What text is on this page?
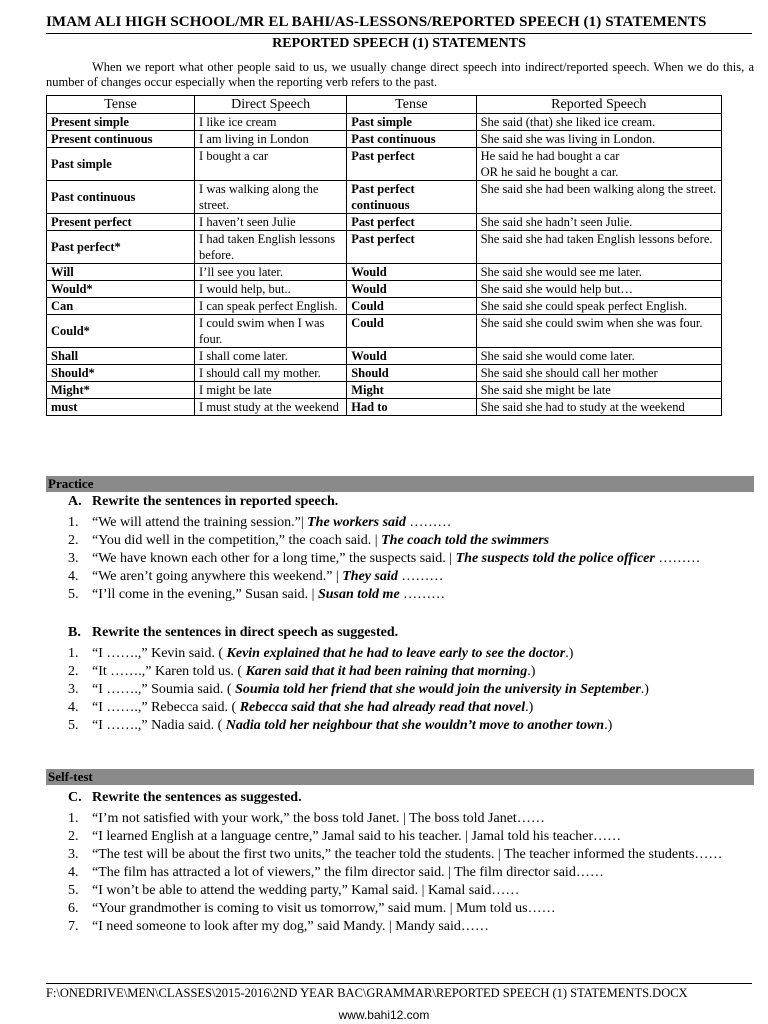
IMAM ALI HIGH SCHOOL/MR EL BAHI/AS-LESSONS/REPORTED SPEECH (1) STATEMENTS
REPORTED SPEECH (1) STATEMENTS
When we report what other people said to us, we usually change direct speech into indirect/reported speech. When we do this, a number of changes occur especially when the reporting verb refers to the past.
Tense	Direct Speech	Tense	Reported Speech
Present simple	I like ice cream	Past simple	She said (that) she liked ice cream.
Present continuous	I am living in London	Past continuous	She said she was living in London.
Past simple	I bought a car	Past perfect	He said he had bought a car
OR he said he bought a car.
Past continuous	I was walking along the street.	Past perfect continuous	She said she had been walking along the street.
Present perfect	I haven’t seen Julie	Past perfect	She said she hadn’t seen Julie.
Past perfect*	I had taken English lessons before.	Past perfect	She said she had taken English lessons before.
Will	I’ll see you later.	Would	She said she would see me later.
Would*	I would help, but..	Would	She said she would help but…
Can	I can speak perfect English.	Could	She said she could speak perfect English.
Could*	I could swim when I was four.	Could	She said she could swim when she was four.
Shall	I shall come later.	Would	She said she would come later.
Should*	I should call my mother.	Should	She said she should call her mother
Might*	I might be late	Might	She said she might be late
must	I must study at the weekend	Had to	She said she had to study at the weekend
Practice
A. Rewrite the sentences in reported speech.
1. “We will attend the training session.”| The workers said ………
2. “You did well in the competition,” the coach said. | The coach told the swimmers
3. “We have known each other for a long time,” the suspects said. | The suspects told the police officer ………
4. “We aren’t going anywhere this weekend.” | They said ………
5. “I’ll come in the evening,” Susan said. | Susan told me ………
B. Rewrite the sentences in direct speech as suggested.
1. “I …….,” Kevin said. ( Kevin explained that he had to leave early to see the doctor.)
2. “It …….,” Karen told us. ( Karen said that it had been raining that morning.)
3. “I …….,” Soumia said. ( Soumia told her friend that she would join the university in September.)
4. “I …….,” Rebecca said. ( Rebecca said that she had already read that novel.)
5. “I …….,” Nadia said. ( Nadia told her neighbour that she wouldn’t move to another town.)
Self-test
C. Rewrite the sentences as suggested.
1. “I’m not satisfied with your work,” the boss told Janet. | The boss told Janet……
2. “I learned English at a language centre,” Jamal said to his teacher. | Jamal told his teacher……
3. “The test will be about the first two units,” the teacher told the students. | The teacher informed the students……
4. “The film has attracted a lot of viewers,” the film director said. | The film director said……
5. “I won’t be able to attend the wedding party,” Kamal said. | Kamal said……
6. “Your grandmother is coming to visit us tomorrow,” said mum. | Mum told us……
7. “I need someone to look after my dog,” said Mandy. | Mandy said……
F:\ONEDRIVE\MEN\CLASSES\2015-2016\2ND YEAR BAC\GRAMMAR\REPORTED SPEECH (1) STATEMENTS.DOCX
www.bahi12.com
